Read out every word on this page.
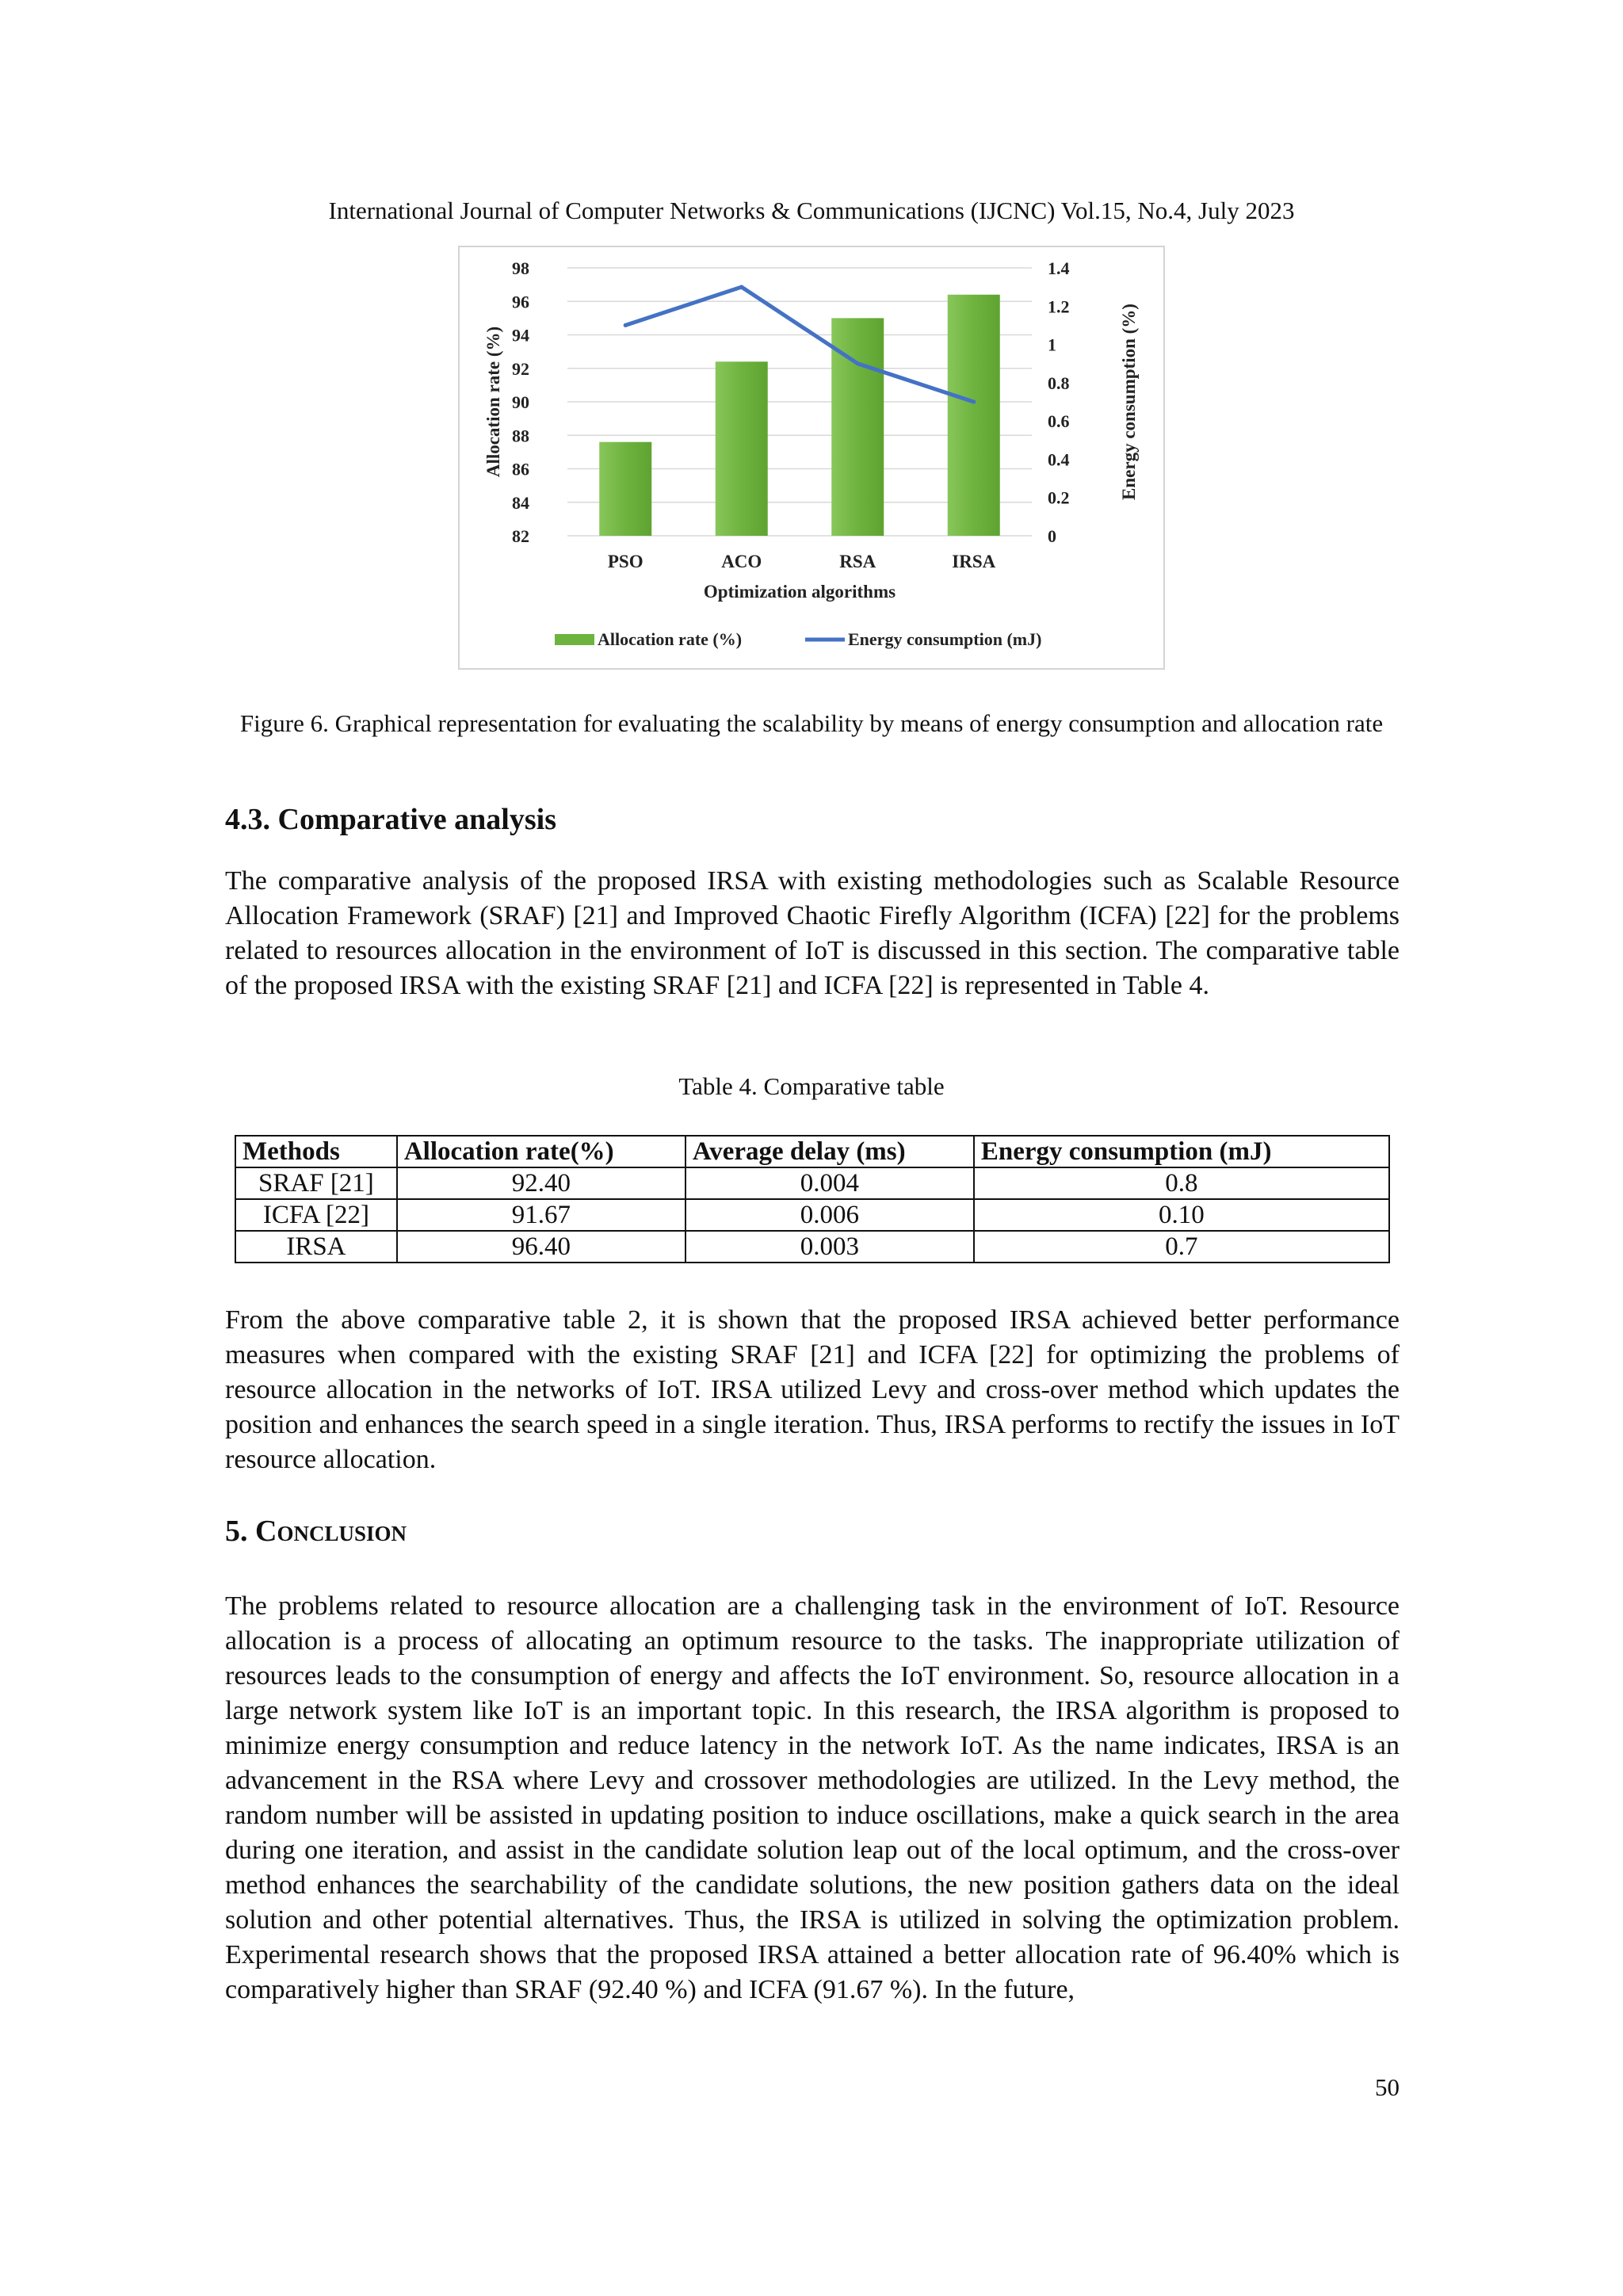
International Journal of Computer Networks & Communications (IJCNC) Vol.15, No.4, July 2023
98
96
94
92
90
88
86
84
82
1.4
1.2
1
0.8
0.6
0.4
0.2
0
PSO	ACO	RSA	IRSA
Optimization algorithms
Allocation rate (%)	Energy consumption (%)
Allocation rate (%)	Energy consumption (mJ)
Figure 6. Graphical representation for evaluating the scalability by means of energy consumption and allocation rate
4.3. Comparative analysis

The comparative analysis of the proposed IRSA with existing methodologies such as Scalable Resource Allocation Framework (SRAF) [21] and Improved Chaotic Firefly Algorithm (ICFA) [22] for the problems related to resources allocation in the environment of IoT is discussed in this section. The comparative table of the proposed IRSA with the existing SRAF [21] and ICFA [22] is represented in Table 4.

Table 4. Comparative table
Methods	Allocation rate(%)	Average delay (ms)	Energy consumption (mJ)
SRAF [21]	92.40	0.004	0.8
ICFA [22]	91.67	0.006	0.10
IRSA	96.40	0.003	0.7

From the above comparative table 2, it is shown that the proposed IRSA achieved better performance measures when compared with the existing SRAF [21] and ICFA [22] for optimizing the problems of resource allocation in the networks of IoT. IRSA utilized Levy and cross-over method which updates the position and enhances the search speed in a single iteration. Thus, IRSA performs to rectify the issues in IoT resource allocation.

5. Conclusion

The problems related to resource allocation are a challenging task in the environment of IoT. Resource allocation is a process of allocating an optimum resource to the tasks. The inappropriate utilization of resources leads to the consumption of energy and affects the IoT environment. So, resource allocation in a large network system like IoT is an important topic. In this research, the IRSA algorithm is proposed to minimize energy consumption and reduce latency in the network IoT. As the name indicates, IRSA is an advancement in the RSA where Levy and crossover methodologies are utilized. In the Levy method, the random number will be assisted in updating position to induce oscillations, make a quick search in the area during one iteration, and assist in the candidate solution leap out of the local optimum, and the cross-over method enhances the searchability of the candidate solutions, the new position gathers data on the ideal solution and other potential alternatives. Thus, the IRSA is utilized in solving the optimization problem. Experimental research shows that the proposed IRSA attained a better allocation rate of 96.40% which is comparatively higher than SRAF (92.40 %) and ICFA (91.67 %). In the future,

50
